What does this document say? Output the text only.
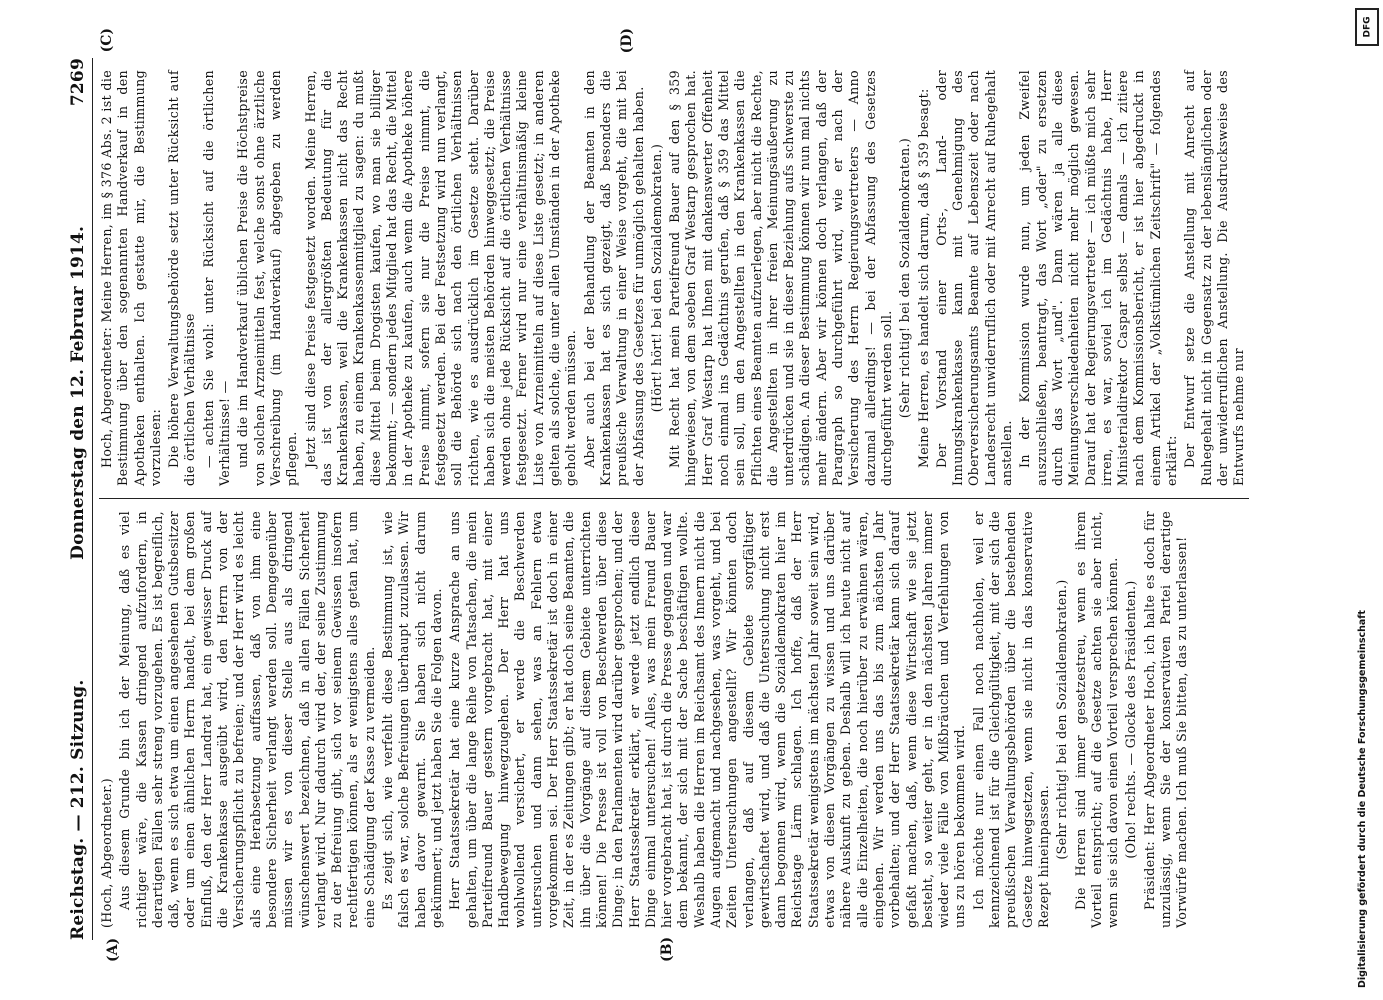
Reichstag. — 212. Sitzung.
Donnerstag den 12. Februar 1914.
7269
(A)	(B)

(Hoch, Abgeordneter.) Aus diesem Grunde bin ich der Meinung, daß es viel richtiger wäre, die Kassen dringend aufzufordern, in derartigen Fällen sehr streng vorzugehen. Es ist begreiflich, daß, wenn es sich etwa um einen angesehenen Gutsbesitzer oder um einen ähnlichen Herrn handelt, bei dem großen Einfluß, den der Herr Landrat hat, ein gewisser Druck auf die Krankenkasse ausgeübt wird, den Herrn von der Versicherungspflicht zu befreien; und der Herr wird es leicht als eine Herabsetzung auffassen, daß von ihm eine besondere Sicherheit verlangt werden soll. Demgegenüber müssen wir es von dieser Stelle aus als dringend wünschenswert bezeichnen, daß in allen Fällen Sicherheit verlangt wird. Nur dadurch wird der, der seine Zustimmung zu der Befreiung gibt, sich vor seinem Gewissen insofern rechtfertigen können, als er wenigstens alles getan hat, um eine Schädigung der Kasse zu vermeiden. Es zeigt sich, wie verfehlt diese Bestimmung ist, wie falsch es war, solche Befreiungen überhaupt zuzulassen. Wir haben davor gewarnt. Sie haben sich nicht darum gekümmert; und jetzt haben Sie die Folgen davon. Herr Staatssekretär hat eine kurze Ansprache an uns gehalten, um über die lange Reihe von Tatsachen, die mein Parteifreund Bauer gestern vorgebracht hat, mit einer Handbewegung hinwegzugehen. Der Herr hat uns wohlwollend versichert, er werde die Beschwerden untersuchen und dann sehen, was an Fehlern etwa vorgekommen sei. Der Herr Staatssekretär ist doch in einer Zeit, in der es Zeitungen gibt; er hat doch seine Beamten, die ihn über die Vorgänge auf diesem Gebiete unterrichten können! Die Presse ist voll von Beschwerden über diese Dinge; in den Parlamenten wird darüber gesprochen; und der Herr Staatssekretär erklärt, er werde jetzt endlich diese Dinge einmal untersuchen! Alles, was mein Freund Bauer hier vorgebracht hat, ist durch die Presse gegangen und war dem bekannt, der sich mit der Sache beschäftigen wollte. Weshalb haben die Herren im Reichsamt des Innern nicht die Augen aufgemacht und nachgesehen, was vorgeht, und bei Zeiten Untersuchungen angestellt? Wir könnten doch verlangen, daß auf diesem Gebiete sorgfältiger gewirtschaftet wird, und daß die Untersuchung nicht erst dann begonnen wird, wenn die Sozialdemokraten hier im Reichstage Lärm schlagen. Ich hoffe, daß der Herr Staatssekretär wenigstens im nächsten Jahr soweit sein wird, etwas von diesen Vorgängen zu wissen und uns darüber nähere Auskunft zu geben. Deshalb will ich heute nicht auf alle die Einzelheiten, die noch hierüber zu erwähnen wären, eingehen. Wir werden uns das bis zum nächsten Jahr vorbehalten; und der Herr Staatssekretär kann sich darauf gefaßt machen, daß, wenn diese Wirtschaft wie sie jetzt besteht, so weiter geht, er in den nächsten Jahren immer wieder viele Fälle von Mißbräuchen und Verfehlungen von uns zu hören bekommen wird. Ich möchte nur einen Fall noch nachholen, weil er kennzeichnend ist für die Gleichgültigkeit, mit der sich die preußischen Verwaltungsbehörden über die bestehenden Gesetze hinwegsetzen, wenn sie nicht in das konservative Rezept hineinpassen. (Sehr richtig! bei den Sozialdemokraten.) Die Herren sind immer gesetzestreu, wenn es ihrem Vorteil entspricht; auf die Gesetze achten sie aber nicht, wenn sie sich davon einen Vorteil versprechen können. (Oho! rechts. — Glocke des Präsidenten.) Präsident: Herr Abgeordneter Hoch, ich halte es doch für unzulässig, wenn Sie der konservativen Partei derartige Vorwürfe machen. Ich muß Sie bitten, das zu unterlassen!

(C)	(D)

Hoch, Abgeordneter: Meine Herren, im § 376 Abs. 2 ist die Bestimmung über den sogenannten Handverkauf in den Apotheken enthalten. Ich gestatte mir, die Bestimmung vorzulesen: Die höhere Verwaltungsbehörde setzt unter Rücksicht auf die örtlichen Verhältnisse — achten Sie wohl: unter Rücksicht auf die örtlichen Verhältnisse! — und die im Handverkauf üblichen Preise die Höchstpreise von solchen Arzneimitteln fest, welche sonst ohne ärztliche Verschreibung (im Handverkauf) abgegeben zu werden pflegen. Jetzt sind diese Preise festgesetzt worden. Meine Herren, das ist von der allergrößten Bedeutung für die Krankenkassen, weil die Krankenkassen nicht das Recht haben, zu einem Krankenkassenmitglied zu sagen: du mußt diese Mittel beim Drogisten kaufen, wo man sie billiger bekommt; — sondern jedes Mitglied hat das Recht, die Mittel in der Apotheke zu kaufen, auch wenn die Apotheke höhere Preise nimmt, sofern sie nur die Preise nimmt, die festgesetzt werden. Bei der Festsetzung wird nun verlangt, soll die Behörde sich nach den örtlichen Verhältnissen richten, wie es ausdrücklich im Gesetze steht. Darüber haben sich die meisten Behörden hinweggesetzt; die Preise werden ohne jede Rücksicht auf die örtlichen Verhältnisse festgesetzt. Ferner wird nur eine verhältnismäßig kleine Liste von Arzneimitteln auf diese Liste gesetzt; in anderen gelten als solche, die unter allen Umständen in der Apotheke geholt werden müssen. Aber auch bei der Behandlung der Beamten in den Krankenkassen hat es sich gezeigt, daß besonders die preußische Verwaltung in einer Weise vorgeht, die mit bei der Abfassung des Gesetzes für unmöglich gehalten haben. (Hört! hört! bei den Sozialdemokraten.) Mit Recht hat mein Parteifreund Bauer auf den § 359 hingewiesen, von dem soeben Graf Westarp gesprochen hat. Herr Graf Westarp hat Ihnen mit dankenswerter Offenheit noch einmal ins Gedächtnis gerufen, daß § 359 das Mittel sein soll, um den Angestellten in den Krankenkassen die Pflichten eines Beamten aufzuerlegen, aber nicht die Rechte, die Angestellten in ihrer freien Meinungsäußerung zu unterdrücken und sie in dieser Beziehung aufs schwerste zu schädigen. An dieser Bestimmung können wir nun mal nichts mehr ändern. Aber wir können doch verlangen, daß der Paragraph so durchgeführt wird, wie er nach der Versicherung des Herrn Regierungsvertreters — Anno dazumal allerdings! — bei der Abfassung des Gesetzes durchgeführt werden soll. (Sehr richtig! bei den Sozialdemokraten.) Meine Herren, es handelt sich darum, daß § 359 besagt: Der Vorstand einer Orts-, Land- oder Innungskrankenkasse kann mit Genehmigung des Oberversicherungsamts Beamte auf Lebenszeit oder nach Landesrecht unwiderruflich oder mit Anrecht auf Ruhegehalt anstellen. In der Kommission wurde nun, um jeden Zweifel auszuschließen, beantragt, das Wort „oder" zu ersetzen durch das Wort „und". Dann wären ja alle diese Meinungsverschiedenheiten nicht mehr möglich gewesen. Darauf hat der Regierungsvertreter — ich müßte mich sehr irren, es war, soviel ich im Gedächtnis habe, Herr Ministerialdirektor Caspar selbst — damals — ich zitiere nach dem Kommissionsbericht, er ist hier abgedruckt in einem Artikel der „Volkstümlichen Zeitschrift" — folgendes erklärt: Der Entwurf setze die Anstellung mit Anrecht auf Ruhegehalt nicht in Gegensatz zu der lebenslänglichen oder der unwiderruflichen Anstellung. Die Ausdrucksweise des Entwurfs nehme nur

DFG
Digitalisierung gefördert durch die Deutsche Forschungsgemeinschaft
